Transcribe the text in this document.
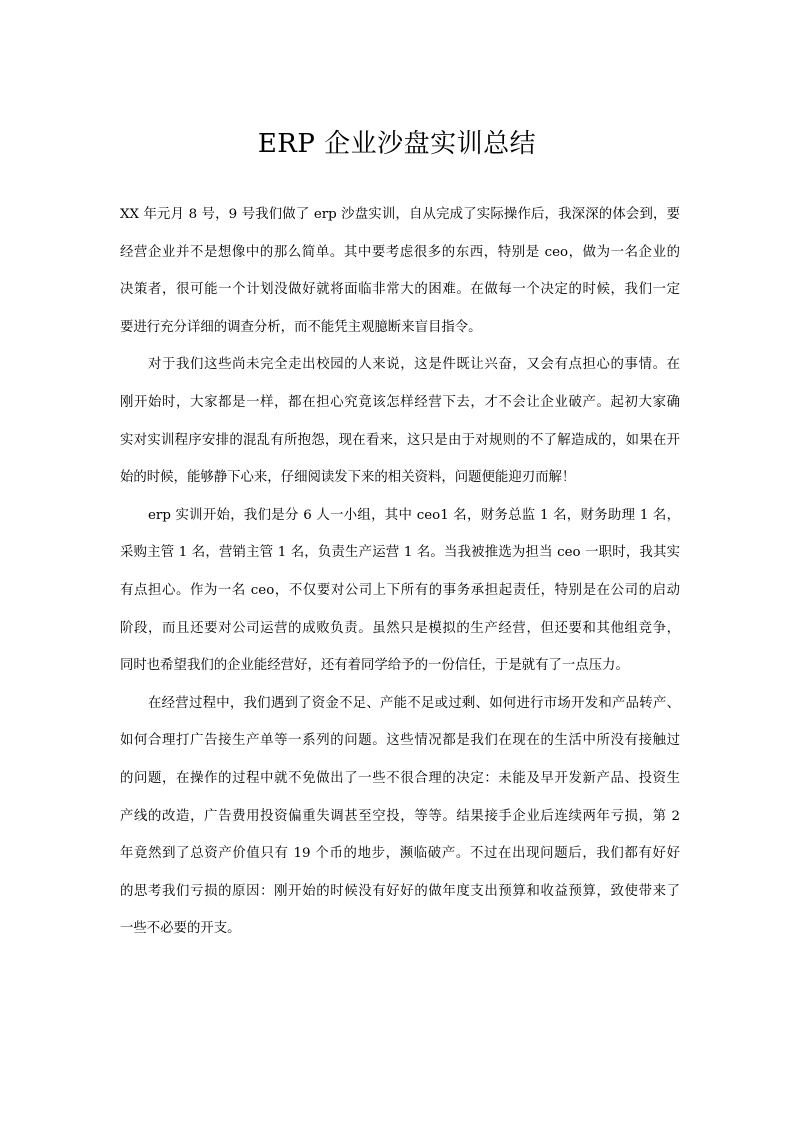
ERP 企业沙盘实训总结
XX 年元月 8 号，9 号我们做了 erp 沙盘实训，自从完成了实际操作后，我深深的体会到，要
经营企业并不是想像中的那么简单。其中要考虑很多的东西，特别是 ceo，做为一名企业的
决策者，很可能一个计划没做好就将面临非常大的困难。在做每一个决定的时候，我们一定
要进行充分详细的调查分析，而不能凭主观臆断来盲目指令。
对于我们这些尚未完全走出校园的人来说，这是件既让兴奋，又会有点担心的事情。在
刚开始时，大家都是一样，都在担心究竟该怎样经营下去，才不会让企业破产。起初大家确
实对实训程序安排的混乱有所抱怨，现在看来，这只是由于对规则的不了解造成的，如果在开
始的时候，能够静下心来，仔细阅读发下来的相关资料，问题便能迎刃而解！
erp 实训开始，我们是分 6 人一小组，其中 ceo1 名，财务总监 1 名，财务助理 1 名，
采购主管 1 名，营销主管 1 名，负责生产运营 1 名。当我被推选为担当 ceo 一职时，我其实
有点担心。作为一名 ceo，不仅要对公司上下所有的事务承担起责任，特别是在公司的启动
阶段，而且还要对公司运营的成败负责。虽然只是模拟的生产经营，但还要和其他组竞争，
同时也希望我们的企业能经营好，还有着同学给予的一份信任，于是就有了一点压力。
在经营过程中，我们遇到了资金不足、产能不足或过剩、如何进行市场开发和产品转产、
如何合理打广告接生产单等一系列的问题。这些情况都是我们在现在的生活中所没有接触过
的问题，在操作的过程中就不免做出了一些不很合理的决定：未能及早开发新产品、投资生
产线的改造，广告费用投资偏重失调甚至空投，等等。结果接手企业后连续两年亏损，第 2
年竟然到了总资产价值只有 19 个币的地步，濒临破产。不过在出现问题后，我们都有好好
的思考我们亏损的原因：刚开始的时候没有好好的做年度支出预算和收益预算，致使带来了
一些不必要的开支。
